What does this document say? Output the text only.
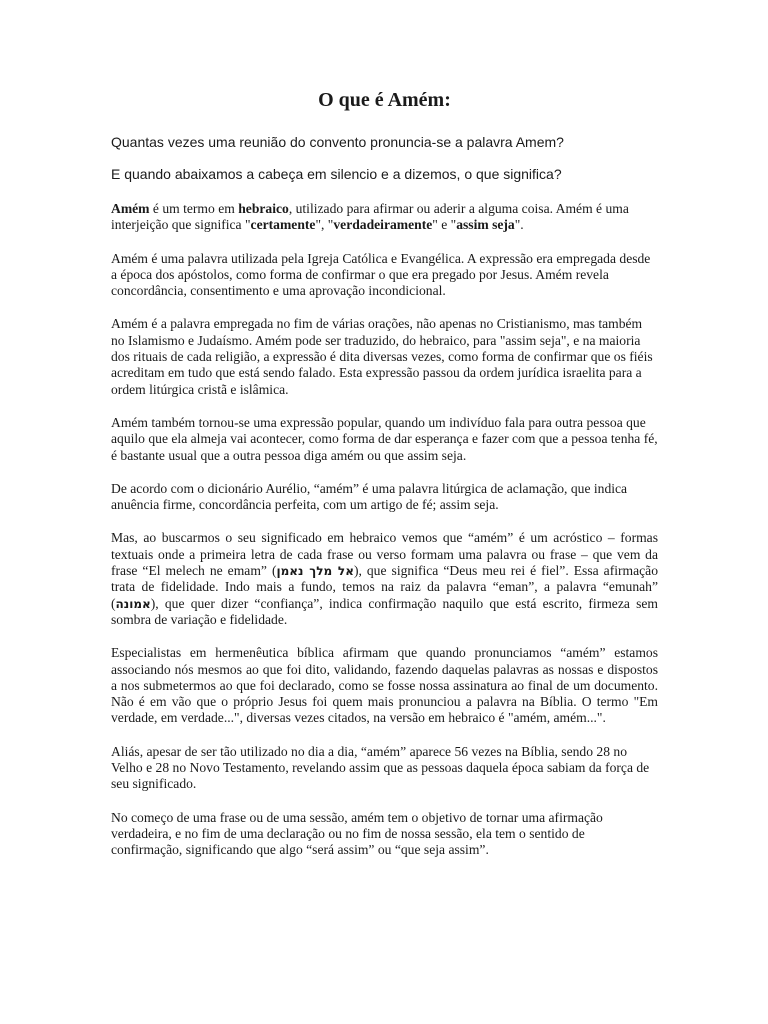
O que é Amém:

Quantas vezes uma reunião do convento pronuncia-se a palavra Amem?

E quando abaixamos a cabeça em silencio e a dizemos, o que significa?

Amém é um termo em hebraico, utilizado para afirmar ou aderir a alguma coisa. Amém é uma interjeição que significa "certamente", "verdadeiramente" e "assim seja".

Amém é uma palavra utilizada pela Igreja Católica e Evangélica. A expressão era empregada desde a época dos apóstolos, como forma de confirmar o que era pregado por Jesus. Amém revela concordância, consentimento e uma aprovação incondicional.

Amém é a palavra empregada no fim de várias orações, não apenas no Cristianismo, mas também no Islamismo e Judaísmo. Amém pode ser traduzido, do hebraico, para "assim seja", e na maioria dos rituais de cada religião, a expressão é dita diversas vezes, como forma de confirmar que os fiéis acreditam em tudo que está sendo falado. Esta expressão passou da ordem jurídica israelita para a ordem litúrgica cristã e islâmica.

Amém também tornou-se uma expressão popular, quando um indivíduo fala para outra pessoa que aquilo que ela almeja vai acontecer, como forma de dar esperança e fazer com que a pessoa tenha fé, é bastante usual que a outra pessoa diga amém ou que assim seja.

De acordo com o dicionário Aurélio, “amém” é uma palavra litúrgica de aclamação, que indica anuência firme, concordância perfeita, com um artigo de fé; assim seja.

Mas, ao buscarmos o seu significado em hebraico vemos que “amém” é um acróstico – formas textuais onde a primeira letra de cada frase ou verso formam uma palavra ou frase – que vem da frase “El melech ne emam” (אל מלך נאמן), que significa “Deus meu rei é fiel”. Essa afirmação trata de fidelidade. Indo mais a fundo, temos na raiz da palavra “eman”, a palavra “emunah” (אמונה), que quer dizer “confiança”, indica confirmação naquilo que está escrito, firmeza sem sombra de variação e fidelidade.

Especialistas em hermenêutica bíblica afirmam que quando pronunciamos “amém” estamos associando nós mesmos ao que foi dito, validando, fazendo daquelas palavras as nossas e dispostos a nos submetermos ao que foi declarado, como se fosse nossa assinatura ao final de um documento. Não é em vão que o próprio Jesus foi quem mais pronunciou a palavra na Bíblia. O termo "Em verdade, em verdade...", diversas vezes citados, na versão em hebraico é "amém, amém...".

Aliás, apesar de ser tão utilizado no dia a dia, “amém” aparece 56 vezes na Bíblia, sendo 28 no Velho e 28 no Novo Testamento, revelando assim que as pessoas daquela época sabiam da força de seu significado.

No começo de uma frase ou de uma sessão, amém tem o objetivo de tornar uma afirmação verdadeira, e no fim de uma declaração ou no fim de nossa sessão, ela tem o sentido de confirmação, significando que algo “será assim” ou “que seja assim”.
